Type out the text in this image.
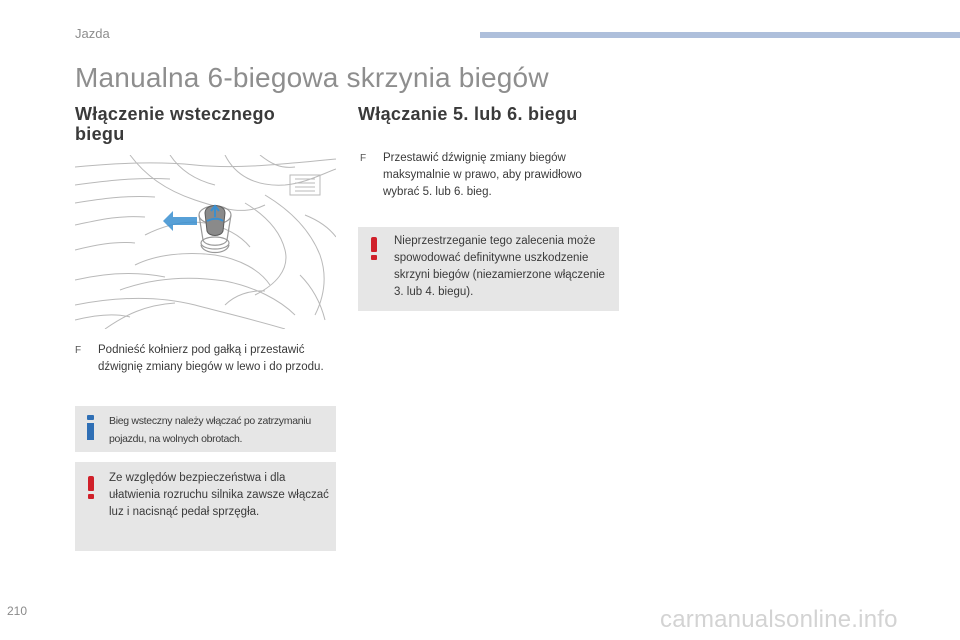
Jazda
Manualna 6-biegowa skrzynia biegów
Włączenie wstecznego
biegu
Włączanie 5. lub 6. biegu
F	Podnieść kołnierz pod gałką i przestawić dźwignię zmiany biegów w lewo i do przodu.
Bieg wsteczny należy włączać po zatrzymaniu pojazdu, na wolnych obrotach.
Ze względów bezpieczeństwa i dla ułatwienia rozruchu silnika zawsze włączać luz i nacisnąć pedał sprzęgła.
F	Przestawić dźwignię zmiany biegów maksymalnie w prawo, aby prawidłowo wybrać 5. lub 6. bieg.
Nieprzestrzeganie tego zalecenia może spowodować definitywne uszkodzenie skrzyni biegów (niezamierzone włączenie 3. lub 4. biegu).
210	carmanualsonline.info
